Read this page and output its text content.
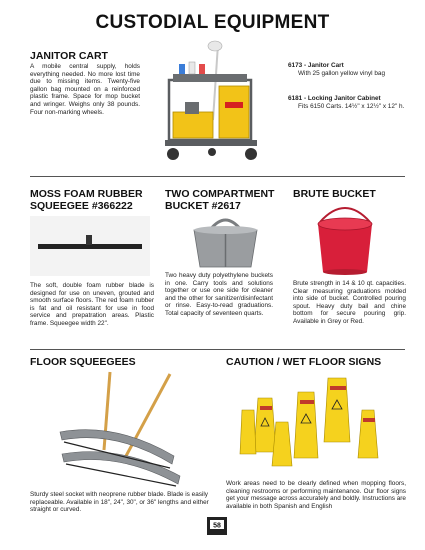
CUSTODIAL EQUIPMENT
JANITOR CART
A mobile central supply, holds everything needed. No more lost time due to missing items. Twenty-five gallon bag mounted on a reinforced plastic frame. Space for mop bucket and wringer. Weighs only 38 pounds. Four non-marking wheels.
6173 - Janitor Cart
With 25 gallon yellow vinyl bag
6181 - Locking Janitor Cabinet
Fits 6150 Carts. 14½" x 12½" x 12" h.
MOSS FOAM RUBBER
SQUEEGEE #366222
The soft, double foam rubber blade is designed for use on uneven, grouted and smooth surface floors. The red foam rubber is fat and oil resistant for use in food service and prepatration areas. Plastic frame. Squeegee width 22".
TWO COMPARTMENT
BUCKET #2617
Two heavy duty polyethylene buckets in one. Carry tools and solutions together or use one side for cleaner and the other for sanitizer/disinfectant or rinse. Easy-to-read graduations. Total capacity of seventeen quarts.
BRUTE BUCKET
Brute strength in 14 & 10 qt. capacities. Clear measuring graduations molded into side of bucket. Controlled pouring spout. Heavy duty bail and chine bottom for secure pouring grip. Available in Grey or Red.
FLOOR SQUEEGEES
Sturdy steel socket with neoprene rubber blade. Blade is easily replaceable. Available in 18", 24", 30", or 36" lengths and either straight or curved.
CAUTION / WET FLOOR SIGNS
Work areas need to be clearly defined when mopping floors, cleaning restrooms or performing maintenance. Our floor signs get your message across accurately and boldly. Instructions are available in both Spanish and English
58
